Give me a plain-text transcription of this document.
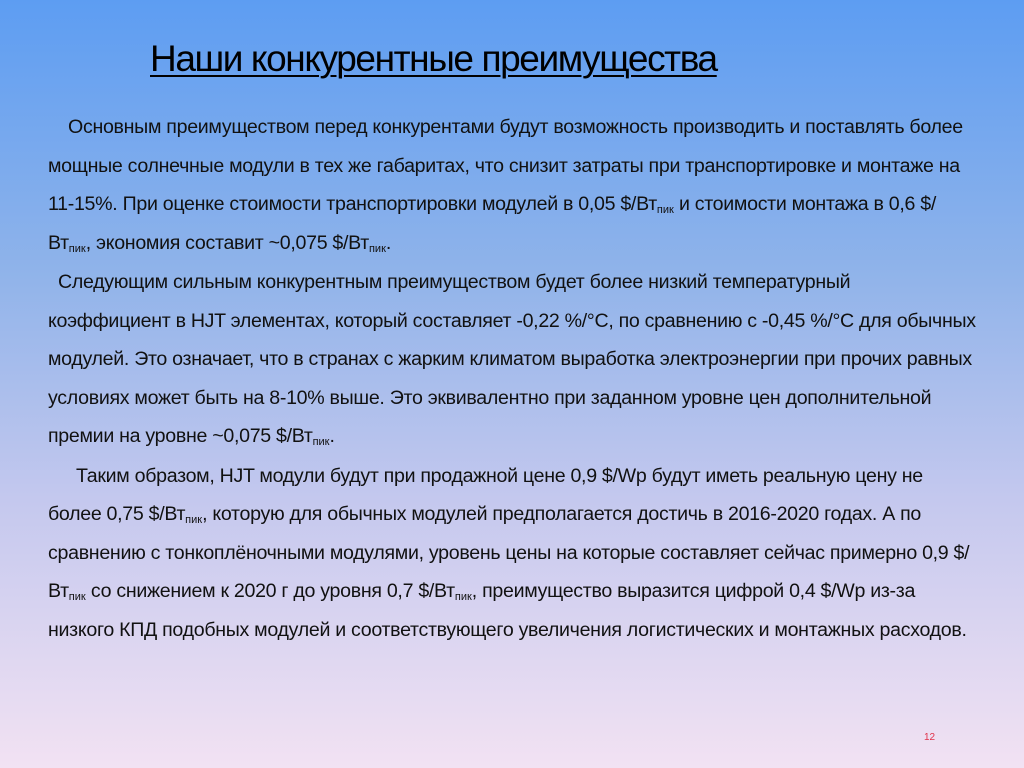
Наши конкурентные преимущества

Основным преимуществом перед конкурентами будут возможность производить и поставлять более мощные солнечные модули в тех же габаритах, что снизит затраты при транспортировке и монтаже на 11-15%. При оценке стоимости транспортировки модулей в 0,05 $\$/Вт_{пик}$ и стоимости монтажа в 0,6 $\$/Вт_{пик}$, экономия составит ~0,075 $\$/Вт_{пик}$.

Следующим сильным конкурентным преимуществом будет более низкий температурный коэффициент в HJT элементах, который составляет -0,22 %/°С, по сравнению с -0,45 %/°С для обычных модулей. Это означает, что в странах с жарким климатом выработка электроэнергии при прочих равных условиях может быть на 8-10% выше. Это эквивалентно при заданном уровне цен дополнительной премии на уровне ~0,075 $\$/Вт_{пик}$.

Таким образом, HJT модули будут при продажной цене 0,9 $/Wp будут иметь реальную цену не более 0,75 $\$/Вт_{пик}$, которую для обычных модулей предполагается достичь в 2016-2020 годах. А по сравнению с тонкоплёночными модулями, уровень цены на которые составляет сейчас примерно 0,9 $\$/Вт_{пик}$ со снижением к 2020 г до уровня 0,7 $\$/Вт_{пик}$, преимущество выразится цифрой 0,4 $/Wp из-за низкого КПД подобных модулей и соответствующего увеличения логистических и монтажных расходов.

12
